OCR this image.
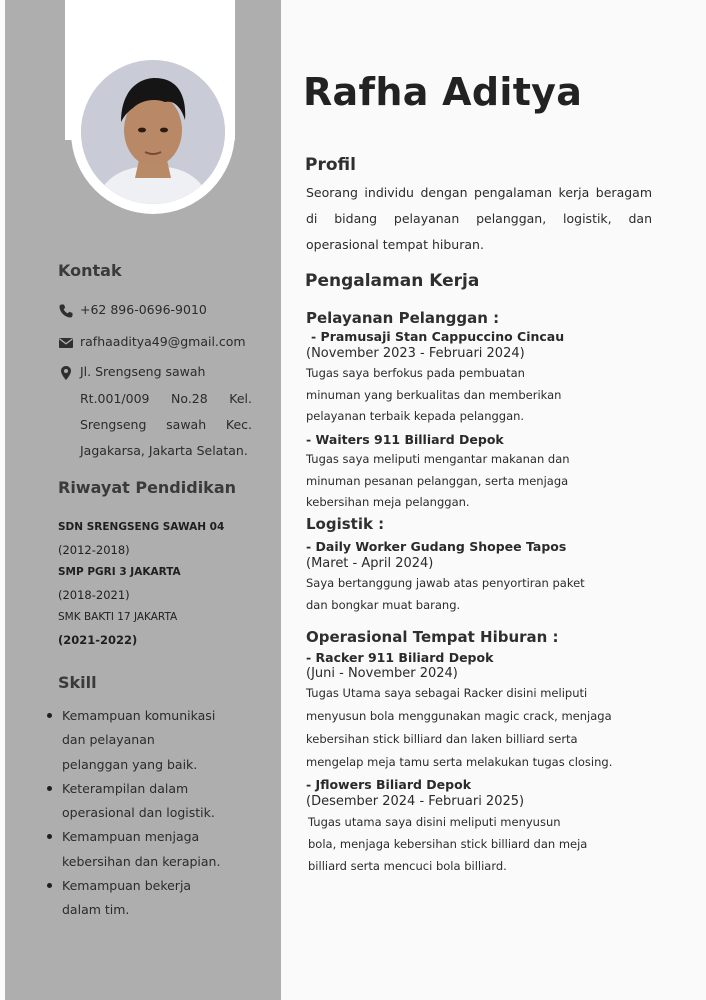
Kontak
+62 896-0696-9010
rafhaaditya49@gmail.com
Jl. Srengseng sawah
Rt.001/009 No.28 Kel. Srengseng sawah Kec. Jagakarsa, Jakarta Selatan.
Riwayat Pendidikan
SDN SRENGSENG SAWAH 04
(2012-2018)
SMP PGRI 3 JAKARTA
(2018-2021)
SMK BAKTI 17 JAKARTA
(2021-2022)
Skill
Kemampuan komunikasi
dan pelayanan
pelanggan yang baik.
Keterampilan dalam
operasional dan logistik.
Kemampuan menjaga
kebersihan dan kerapian.
Kemampuan bekerja
dalam tim.
Rafha Aditya
Profil
Seorang individu dengan pengalaman kerja beragam di bidang pelayanan pelanggan, logistik, dan operasional tempat hiburan.
Pengalaman Kerja
Pelayanan Pelanggan :
- Pramusaji Stan Cappuccino Cincau
(November 2023 - Februari 2024)
Tugas saya berfokus pada pembuatan
minuman yang berkualitas dan memberikan
pelayanan terbaik kepada pelanggan.
- Waiters 911 Billiard Depok
Tugas saya meliputi mengantar makanan dan
minuman pesanan pelanggan, serta menjaga
kebersihan meja pelanggan.
Logistik :
- Daily Worker Gudang Shopee Tapos
(Maret - April 2024)
Saya bertanggung jawab atas penyortiran paket
dan bongkar muat barang.
Operasional Tempat Hiburan :
- Racker 911 Biliard Depok
(Juni - November 2024)
Tugas Utama saya sebagai Racker disini meliputi
menyusun bola menggunakan magic crack, menjaga
kebersihan stick billiard dan laken billiard serta
mengelap meja tamu serta melakukan tugas closing.
- Jflowers Biliard Depok
(Desember 2024 - Februari 2025)
Tugas utama saya disini meliputi menyusun
bola, menjaga kebersihan stick billiard dan meja
billiard serta mencuci bola billiard.
